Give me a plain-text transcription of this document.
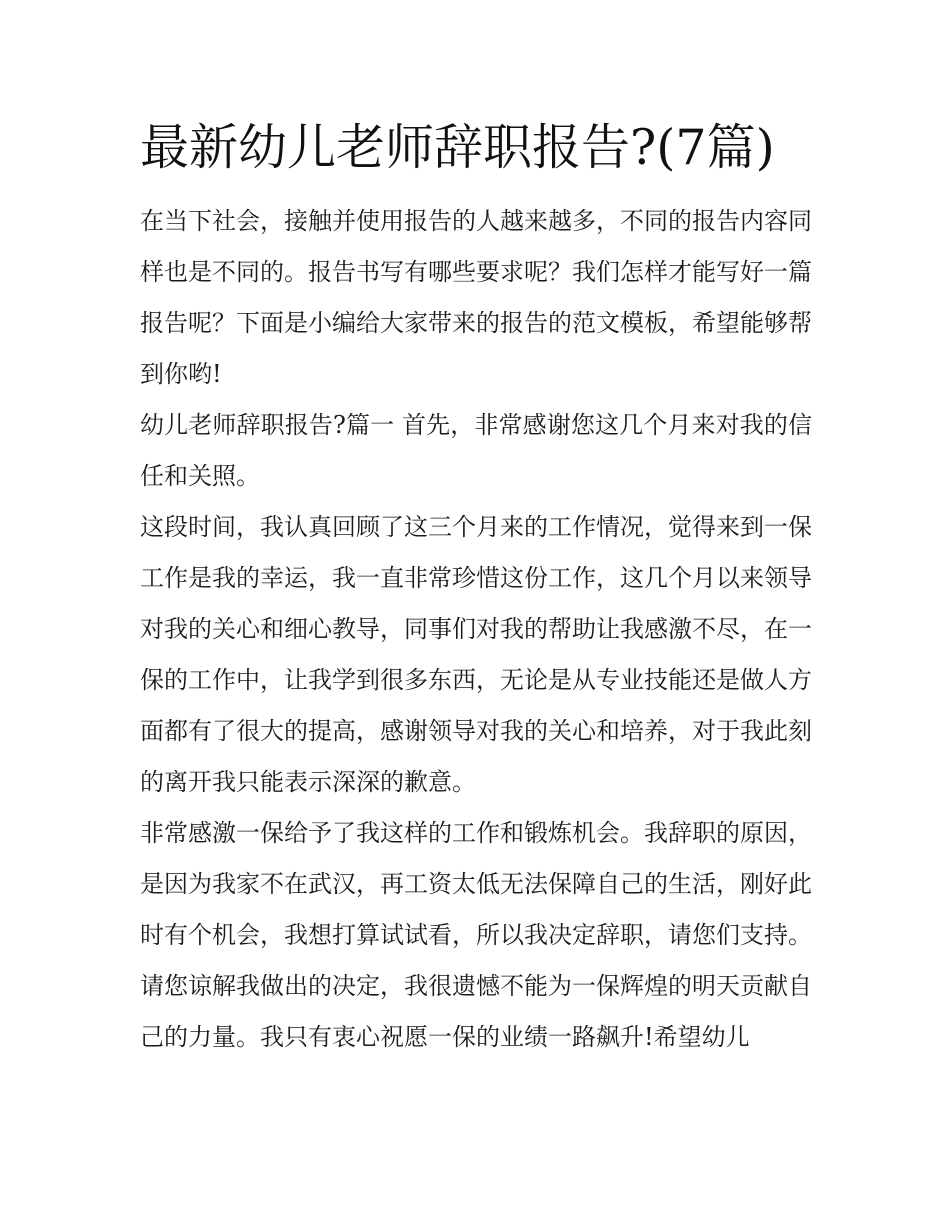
最新幼儿老师辞职报告?(7篇)

在当下社会，接触并使用报告的人越来越多，不同的报告内容同样也是不同的。报告书写有哪些要求呢？我们怎样才能写好一篇报告呢？下面是小编给大家带来的报告的范文模板，希望能够帮到你哟!

幼儿老师辞职报告?篇一 首先，非常感谢您这几个月来对我的信任和关照。

这段时间，我认真回顾了这三个月来的工作情况，觉得来到一保工作是我的幸运，我一直非常珍惜这份工作，这几个月以来领导对我的关心和细心教导，同事们对我的帮助让我感激不尽，在一保的工作中，让我学到很多东西，无论是从专业技能还是做人方面都有了很大的提高，感谢领导对我的关心和培养，对于我此刻的离开我只能表示深深的歉意。

非常感激一保给予了我这样的工作和锻炼机会。我辞职的原因，是因为我家不在武汉，再工资太低无法保障自己的生活，刚好此时有个机会，我想打算试试看，所以我决定辞职，请您们支持。

请您谅解我做出的决定，我很遗憾不能为一保辉煌的明天贡献自己的力量。我只有衷心祝愿一保的业绩一路飙升!希望幼儿
